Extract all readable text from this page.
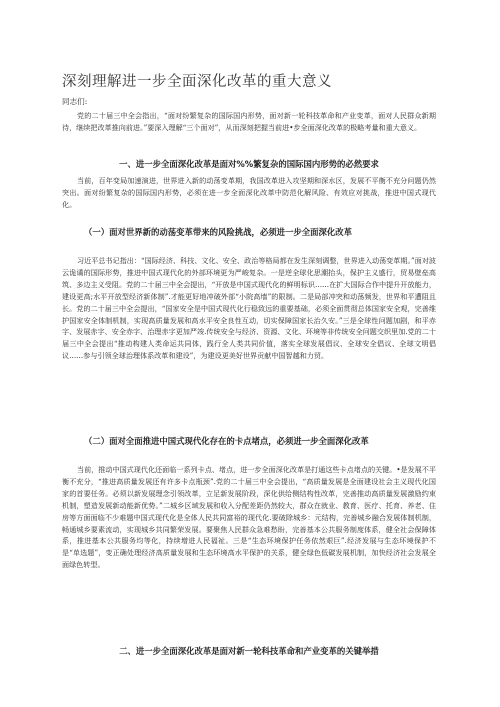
深刻理解进一步全面深化改革的重大意义
同志们:

党的二十届三中全会指出，“面对纷繁复杂的国际国内形势，面对新一轮科技革命和产业变革，面对人民群众新期待，继续把改革推向前进。”要深入理解“三个面对”，从而深刻把握当前进•步全面深化改革的极略考量和重大意义。

一、进一步全面深化改革是面对%%繁复杂的国际国内形势的必然要求

当前，百年变局加速演进，世界进入新的动荡变革期，我国改革进入攻坚期和深水区，发展不平衡不充分问题仍然突出。面对纷繁复杂的国际国内形势，必须在进一步全面深化改革中防范化解风险、有效应对挑战，推进中国式现代化。

（一）面对世界新的动荡变革带来的风险挑战，必须进一步全面深化改革

习近平总书记指出：“国际经济、科技、文化、安全、政治等格局都在发生深刻调整，世界进入动荡变革期。”面对波云诡谲的国际形势，推进中国式现代化的外部环境更为严峻复杂。一是逆全球化思潮抬头，保护主义盛行，贸易壁垒高筑、多边主义受阻。党的二十届三中全会提出，“开放是中国式现代化的鲜明标识……在扩大国际合作中提升开放能力，建设更高;水平开放型经济新体制”.才能更好地冲破外部“小院高墙”的限制。二是局部冲突和动荡频发，世界和平遭阻且长。党的二十届三中全会提出，“国家安全是中国式现代化行稳致远的重要基础，必须全面贯彻总体国家安全观，完善维护国家安全体制机制，实现高质量发展和高水平安全良性互动，切实保障国家长治久安。”三是全球性问题加剧，和平赤字、发展赤字、安全赤字、治理赤字更加严竣.传统安全与经济、资源、文化、环境等非传统安全问题交织里加.党的二十届三中全会提出“推动构建人类命运共同体，践行全人类共同价值，落实全球发展倡议、全球安全倡议、全球文明倡议……参与引领全球治理体系改革和建设”，为建设更美好世界贡献中国智越和力贸。

（二）面对全面推进中国式现代化存在的卡点堵点，必须进一步全面深化改革

当前，推动中国式现代化还面临一系列卡点、堵点，进一步全面深化改革是打通这些卡点堵点的关键。•是发展不平衡不充分，“推进高质量发展还有许多卡点瓶颈”.党的二十届三中全会提出，“高质量发展是全面建设社会主义现代化国家的首要任务。必须以新发展理念引领改革，立足新发展阶段，深化供给侧结构性改革，完善推动高质量发展激励约束机制，塑造发展新动能新优势。”二城乡区域发展和收入分配差距仍然较大，群众在就业、教育、医疗、托育、养老、住房等方面面临不少难题中国式现代化是全体人民共同富裕的现代化.要破除城乡：元结构，完善城乡融合发展体制机制，畅通城乡要素流动，实现城乡共同繁荣发展。要聚焦人民群众急难愁盼，完善基本公共服务制度体系，健全社会保障体系，推进基本公共服务均等化，持续增进人民福祉。三是“生态环境保护任务依然艰巨”.经济发展与生态环境保护不是“单选题”，变正确处理经济高质量发展和生态环境高水平保护的关系，健全绿色低碳发展机制，加快经济社会发展全面绿色转型。

二、进一步全面深化改革是面对新一轮科技革命和产业变革的关键举措
